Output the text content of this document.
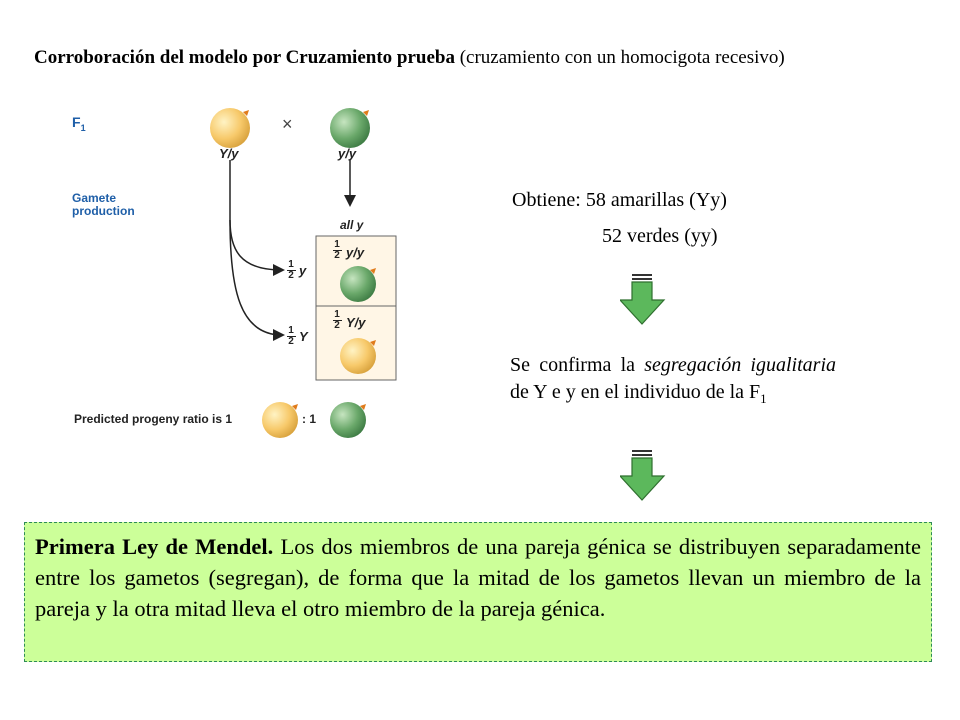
Corroboración del modelo por Cruzamiento prueba (cruzamiento con un homocigota recesivo)
$F_1$	×
Y/y	y/y
Gamete
production
all y
1
2 y/y
1
2 Y/y
1
2 y
1
2 Y
Predicted progeny ratio is 1	: 1
Obtiene: 58 amarillas (Yy)
52 verdes (yy)
Se confirma la segregación igualitaria de Y e y en el individuo de la $F_1$
Primera Ley de Mendel. Los dos miembros de una pareja génica se distribuyen separadamente entre los gametos (segregan), de forma que la mitad de los gametos llevan un miembro de la pareja y la otra mitad lleva el otro miembro de la pareja génica.
